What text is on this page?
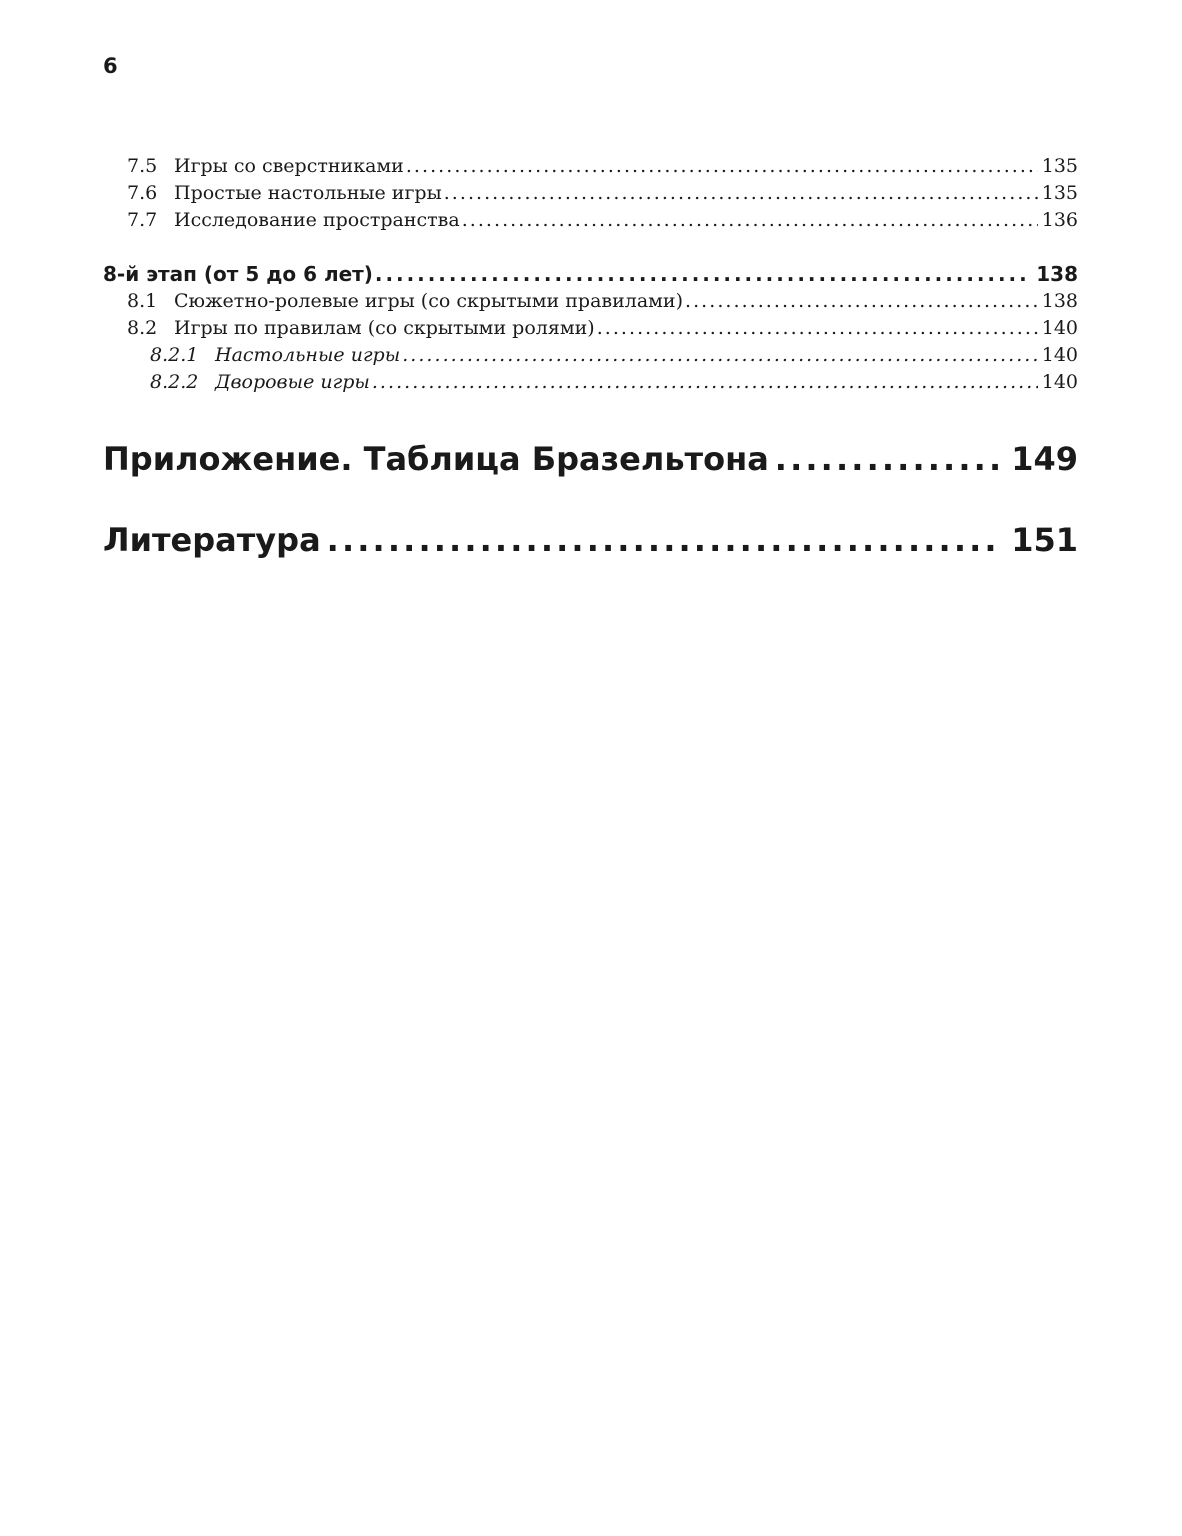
6
7.5 Игры со сверстниками . . .	135
7.6 Простые настольные игры . . .	135
7.7 Исследование пространства . . .	136
8-й этап (от 5 до 6 лет) . . .	138
8.1 Сюжетно-ролевые игры (со скрытыми правилами) . . .	138
8.2 Игры по правилам (со скрытыми ролями) . . .	140
8.2.1 Настольные игры . . .	140
8.2.2 Дворовые игры . . .	140
Приложение. Таблица Бразельтона . . .	149
Литература . . .	151
